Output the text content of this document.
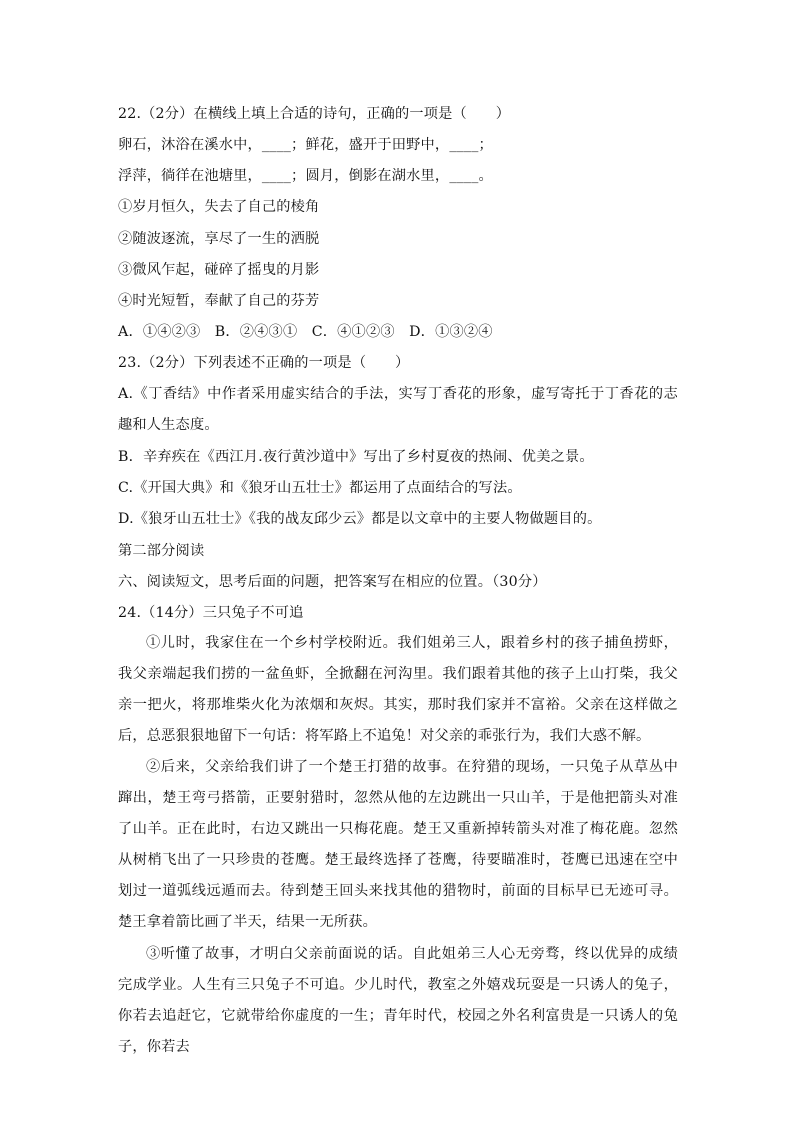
22.（2分）在横线上填上合适的诗句，正确的一项是（　　）
卵石，沐浴在溪水中，____；鲜花，盛开于田野中，____；
浮萍，徜徉在池塘里，____；圆月，倒影在湖水里，____。
①岁月恒久，失去了自己的棱角
②随波逐流，享尽了一生的洒脱
③微风乍起，碰碎了摇曳的月影
④时光短暂，奉献了自己的芬芳
A．①④②③　B．②④③①　C．④①②③　D．①③②④
23.（2分）下列表述不正确的一项是（　　）
A.《丁香结》中作者采用虚实结合的手法，实写丁香花的形象，虚写寄托于丁香花的志趣和人生态度。
B．辛弃疾在《西江月.夜行黄沙道中》写出了乡村夏夜的热闹、优美之景。
C.《开国大典》和《狼牙山五壮士》都运用了点面结合的写法。
D.《狼牙山五壮士》《我的战友邱少云》都是以文章中的主要人物做题目的。
第二部分阅读
六、阅读短文，思考后面的问题，把答案写在相应的位置。（30分）
24.（14分）三只兔子不可追
①儿时，我家住在一个乡村学校附近。我们姐弟三人，跟着乡村的孩子捕鱼捞虾，我父亲端起我们捞的一盆鱼虾，全掀翻在河沟里。我们跟着其他的孩子上山打柴，我父亲一把火，将那堆柴火化为浓烟和灰烬。其实，那时我们家并不富裕。父亲在这样做之后，总恶狠狠地留下一句话：将军路上不追兔！对父亲的乖张行为，我们大惑不解。
②后来，父亲给我们讲了一个楚王打猎的故事。在狩猎的现场，一只兔子从草丛中蹿出，楚王弯弓搭箭，正要射猎时，忽然从他的左边跳出一只山羊，于是他把箭头对准了山羊。正在此时，右边又跳出一只梅花鹿。楚王又重新掉转箭头对准了梅花鹿。忽然从树梢飞出了一只珍贵的苍鹰。楚王最终选择了苍鹰，待要瞄准时，苍鹰已迅速在空中划过一道弧线远遁而去。待到楚王回头来找其他的猎物时，前面的目标早已无迹可寻。楚王拿着箭比画了半天，结果一无所获。
③听懂了故事，才明白父亲前面说的话。自此姐弟三人心无旁骛，终以优异的成绩完成学业。人生有三只兔子不可追。少儿时代，教室之外嬉戏玩耍是一只诱人的兔子，你若去追赶它，它就带给你虚度的一生；青年时代，校园之外名利富贵是一只诱人的兔子，你若去
